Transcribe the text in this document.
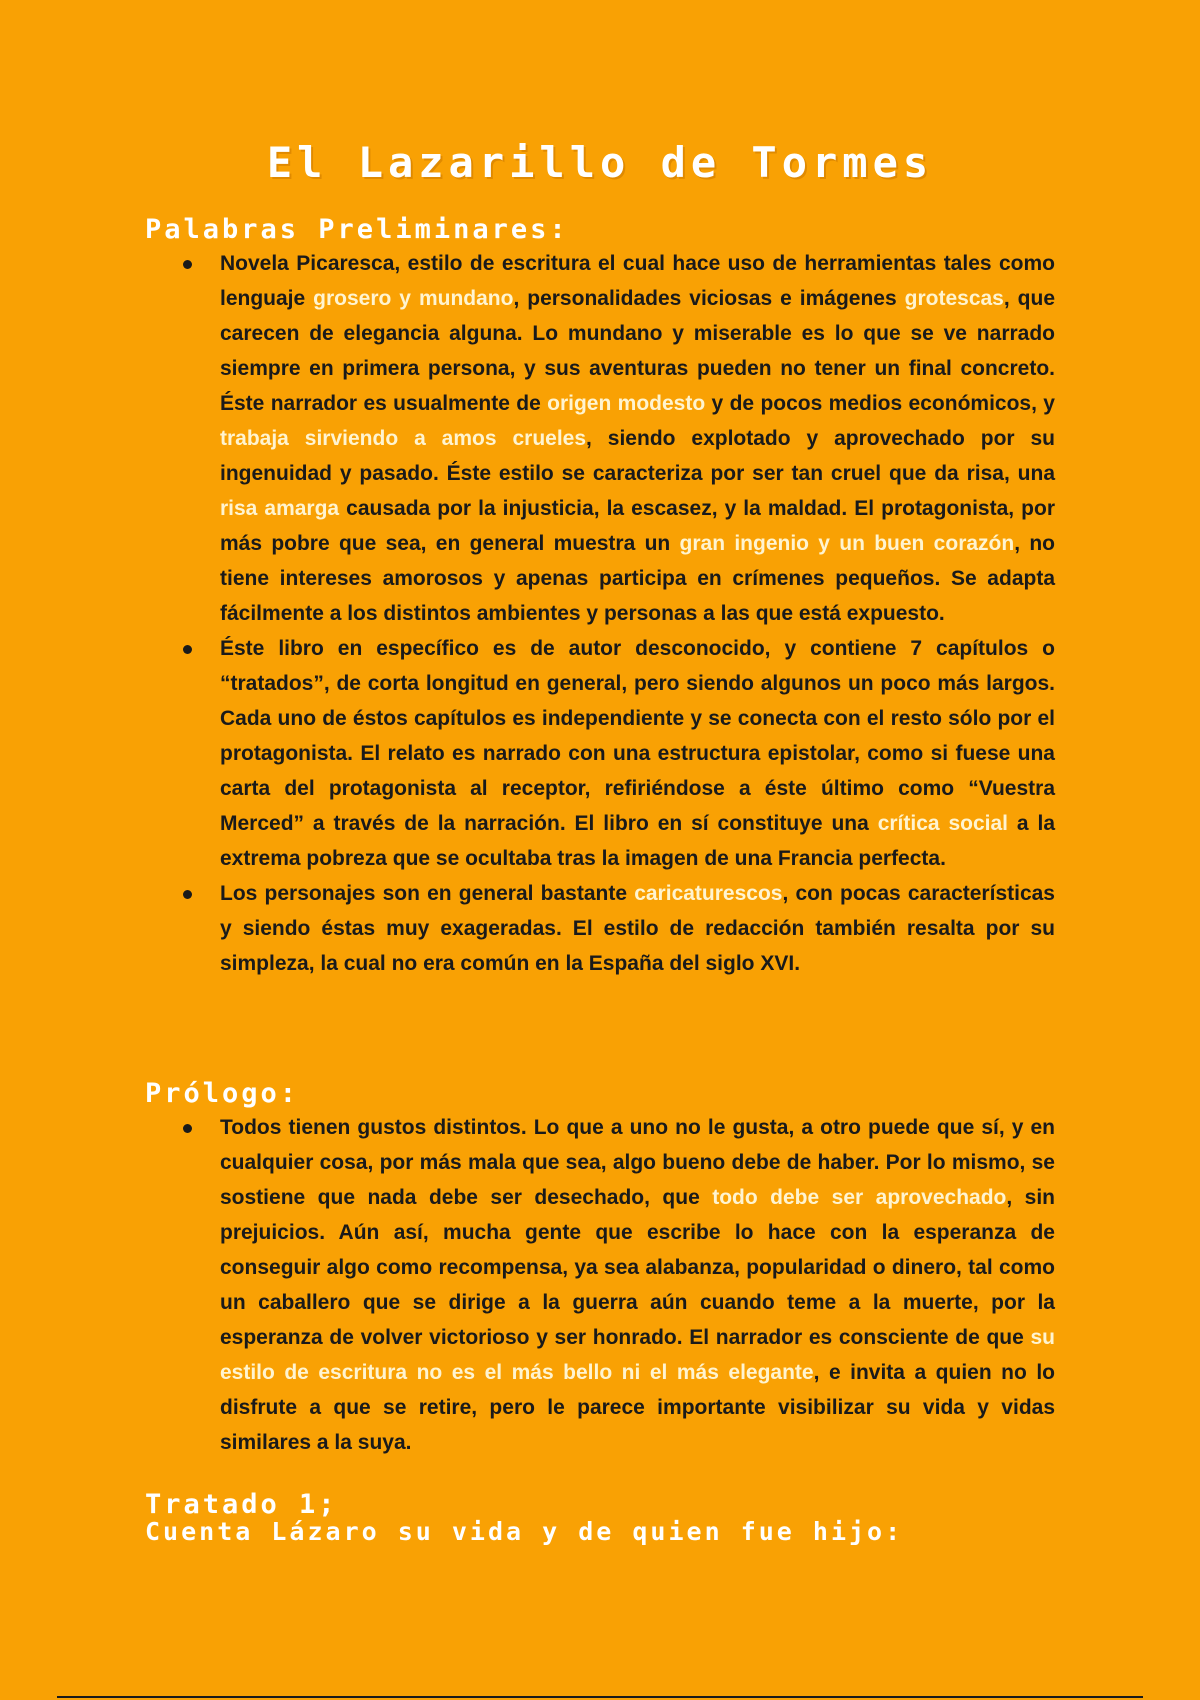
El Lazarillo de Tormes
Palabras Preliminares:
Novela Picaresca, estilo de escritura el cual hace uso de herramientas tales como lenguaje grosero y mundano, personalidades viciosas e imágenes grotescas, que carecen de elegancia alguna. Lo mundano y miserable es lo que se ve narrado siempre en primera persona, y sus aventuras pueden no tener un final concreto. Éste narrador es usualmente de origen modesto y de pocos medios económicos, y trabaja sirviendo a amos crueles, siendo explotado y aprovechado por su ingenuidad y pasado. Éste estilo se caracteriza por ser tan cruel que da risa, una risa amarga causada por la injusticia, la escasez, y la maldad. El protagonista, por más pobre que sea, en general muestra un gran ingenio y un buen corazón, no tiene intereses amorosos y apenas participa en crímenes pequeños. Se adapta fácilmente a los distintos ambientes y personas a las que está expuesto.
Éste libro en específico es de autor desconocido, y contiene 7 capítulos o “tratados”, de corta longitud en general, pero siendo algunos un poco más largos. Cada uno de éstos capítulos es independiente y se conecta con el resto sólo por el protagonista. El relato es narrado con una estructura epistolar, como si fuese una carta del protagonista al receptor, refiriéndose a éste último como “Vuestra Merced” a través de la narración. El libro en sí constituye una crítica social a la extrema pobreza que se ocultaba tras la imagen de una Francia perfecta.
Los personajes son en general bastante caricaturescos, con pocas características y siendo éstas muy exageradas. El estilo de redacción también resalta por su simpleza, la cual no era común en la España del siglo XVI.
Prólogo:
Todos tienen gustos distintos. Lo que a uno no le gusta, a otro puede que sí, y en cualquier cosa, por más mala que sea, algo bueno debe de haber. Por lo mismo, se sostiene que nada debe ser desechado, que todo debe ser aprovechado, sin prejuicios. Aún así, mucha gente que escribe lo hace con la esperanza de conseguir algo como recompensa, ya sea alabanza, popularidad o dinero, tal como un caballero que se dirige a la guerra aún cuando teme a la muerte, por la esperanza de volver victorioso y ser honrado. El narrador es consciente de que su estilo de escritura no es el más bello ni el más elegante, e invita a quien no lo disfrute a que se retire, pero le parece importante visibilizar su vida y vidas similares a la suya.
Tratado 1;
Cuenta Lázaro su vida y de quien fue hijo:
